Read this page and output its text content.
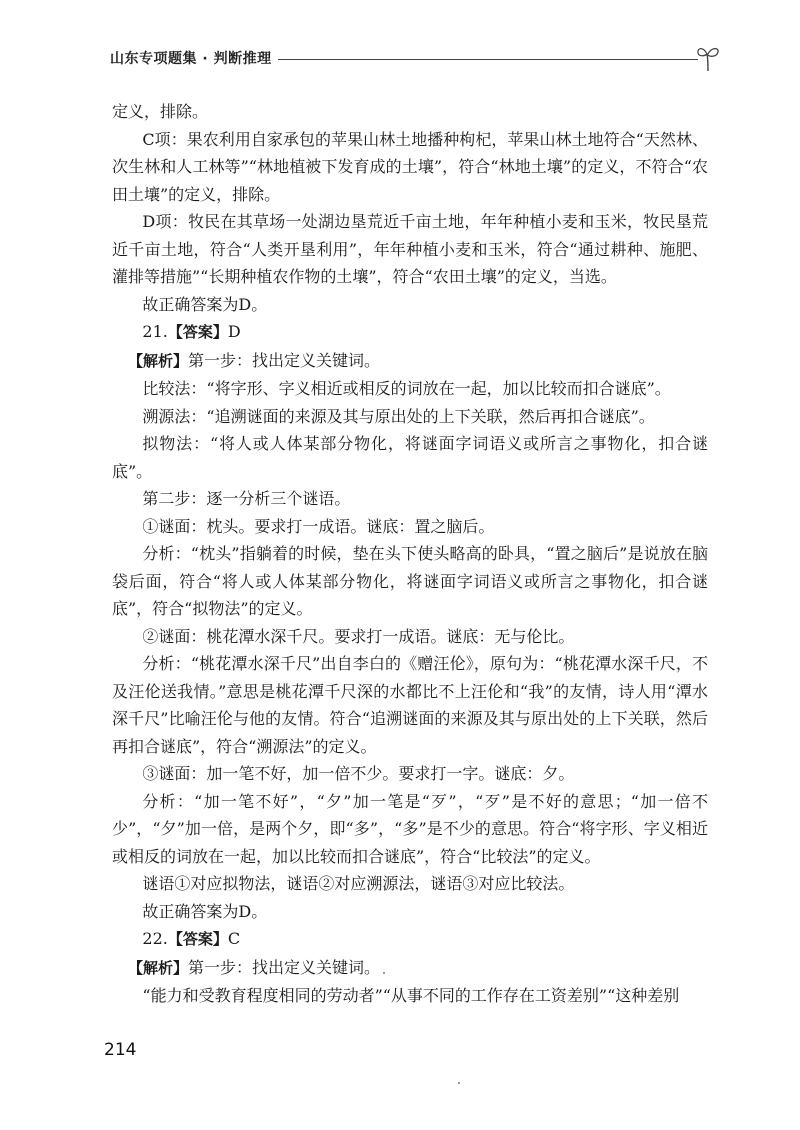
山东专项题集 · 判断推理

定义，排除。

C项：果农利用自家承包的苹果山林土地播种枸杞，苹果山林土地符合“天然林、次生林和人工林等”“林地植被下发育成的土壤”，符合“林地土壤”的定义，不符合“农田土壤”的定义，排除。

D项：牧民在其草场一处湖边垦荒近千亩土地，年年种植小麦和玉米，牧民垦荒近千亩土地，符合“人类开垦利用”，年年种植小麦和玉米，符合“通过耕种、施肥、灌排等措施”“长期种植农作物的土壤”，符合“农田土壤”的定义，当选。

故正确答案为D。

21.【答案】D

【解析】第一步：找出定义关键词。

比较法：“将字形、字义相近或相反的词放在一起，加以比较而扣合谜底”。

溯源法：“追溯谜面的来源及其与原出处的上下关联，然后再扣合谜底”。

拟物法：“将人或人体某部分物化，将谜面字词语义或所言之事物化，扣合谜底”。

第二步：逐一分析三个谜语。

①谜面：枕头。要求打一成语。谜底：置之脑后。

分析：“枕头”指躺着的时候，垫在头下使头略高的卧具，“置之脑后”是说放在脑袋后面，符合“将人或人体某部分物化，将谜面字词语义或所言之事物化，扣合谜底”，符合“拟物法”的定义。

②谜面：桃花潭水深千尺。要求打一成语。谜底：无与伦比。

分析：“桃花潭水深千尺”出自李白的《赠汪伦》，原句为：“桃花潭水深千尺，不及汪伦送我情。”意思是桃花潭千尺深的水都比不上汪伦和“我”的友情，诗人用“潭水深千尺”比喻汪伦与他的友情。符合“追溯谜面的来源及其与原出处的上下关联，然后再扣合谜底”，符合“溯源法”的定义。

③谜面：加一笔不好，加一倍不少。要求打一字。谜底：夕。

分析：“加一笔不好”，“夕”加一笔是“歹”，“歹”是不好的意思；“加一倍不少”，“夕”加一倍，是两个夕，即“多”，“多”是不少的意思。符合“将字形、字义相近或相反的词放在一起，加以比较而扣合谜底”，符合“比较法”的定义。

谜语①对应拟物法，谜语②对应溯源法，谜语③对应比较法。

故正确答案为D。

22.【答案】C

【解析】第一步：找出定义关键词。

“能力和受教育程度相同的劳动者”“从事不同的工作存在工资差别”“这种差别

214
